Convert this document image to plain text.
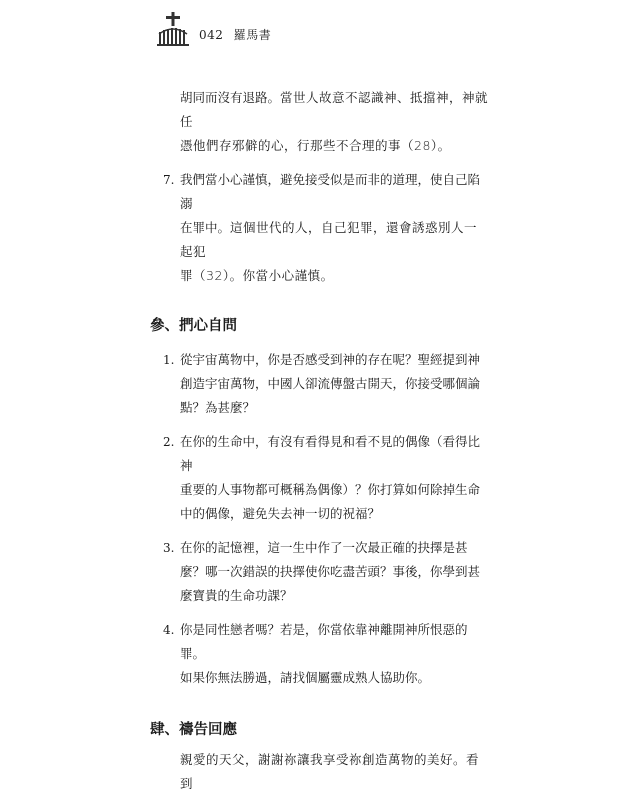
042 羅馬書
胡同而沒有退路。當世人故意不認識神、抵擋神，神就任
憑他們存邪僻的心，行那些不合理的事（28）。
7. 我們當小心謹慎，避免接受似是而非的道理，使自己陷溺
在罪中。這個世代的人，自己犯罪，還會誘惑別人一起犯
罪（32）。你當小心謹慎。
參、捫心自問
1. 從宇宙萬物中，你是否感受到神的存在呢？聖經提到神
創造宇宙萬物，中國人卻流傳盤古開天，你接受哪個論
點？為甚麼？
2. 在你的生命中，有沒有看得見和看不見的偶像（看得比神
重要的人事物都可概稱為偶像）？你打算如何除掉生命
中的偶像，避免失去神一切的祝福？
3. 在你的記憶裡，這一生中作了一次最正確的抉擇是甚
麼？哪一次錯誤的抉擇使你吃盡苦頭？事後，你學到甚
麼寶貴的生命功課？
4. 你是同性戀者嗎？若是，你當依靠神離開神所恨惡的罪。
如果你無法勝過，請找個屬靈成熟人協助你。
肆、禱告回應
親愛的天父，謝謝祢讓我享受祢創造萬物的美好。看到
